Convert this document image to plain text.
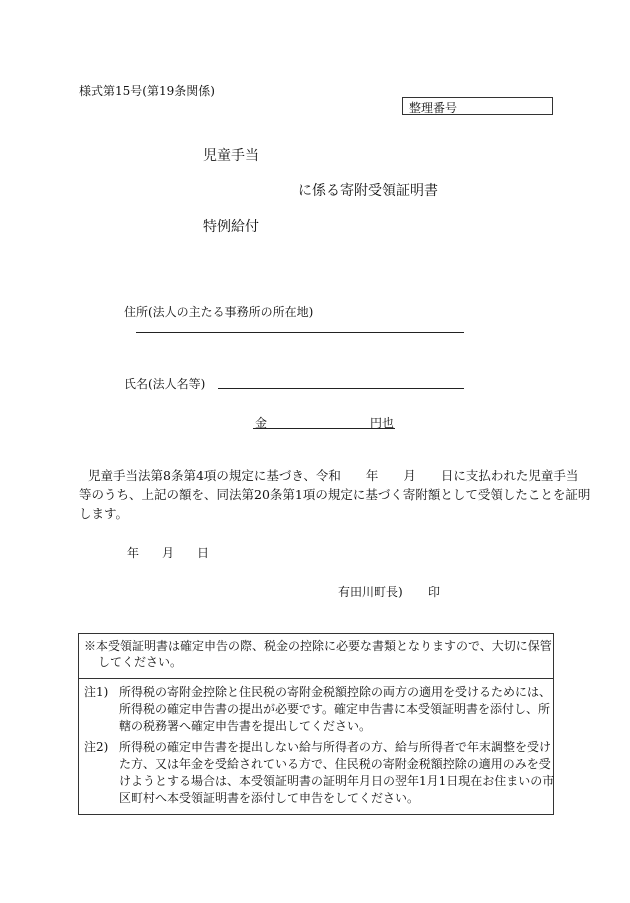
様式第15号(第19条関係)
整理番号
児童手当
に係る寄附受領証明書
特例給付
住所(法人の主たる事務所の所在地)
氏名(法人名等)
金	円也
児童手当法第8条第4項の規定に基づき、令和　　年　　月　　日に支払われた児童手当
等のうち、上記の額を、同法第20条第1項の規定に基づく寄附額として受領したことを証明
します。
年 月 日
有田川町長) 印
※本受領証明書は確定申告の際、税金の控除に必要な書類となりますので、大切に保管
してください。
注1) 所得税の寄附金控除と住民税の寄附金税額控除の両方の適用を受けるためには、
所得税の確定申告書の提出が必要です。確定申告書に本受領証明書を添付し、所
轄の税務署へ確定申告書を提出してください。
注2) 所得税の確定申告書を提出しない給与所得者の方、給与所得者で年末調整を受け
た方、又は年金を受給されている方で、住民税の寄附金税額控除の適用のみを受
けようとする場合は、本受領証明書の証明年月日の翌年1月1日現在お住まいの市
区町村へ本受領証明書を添付して申告をしてください。
